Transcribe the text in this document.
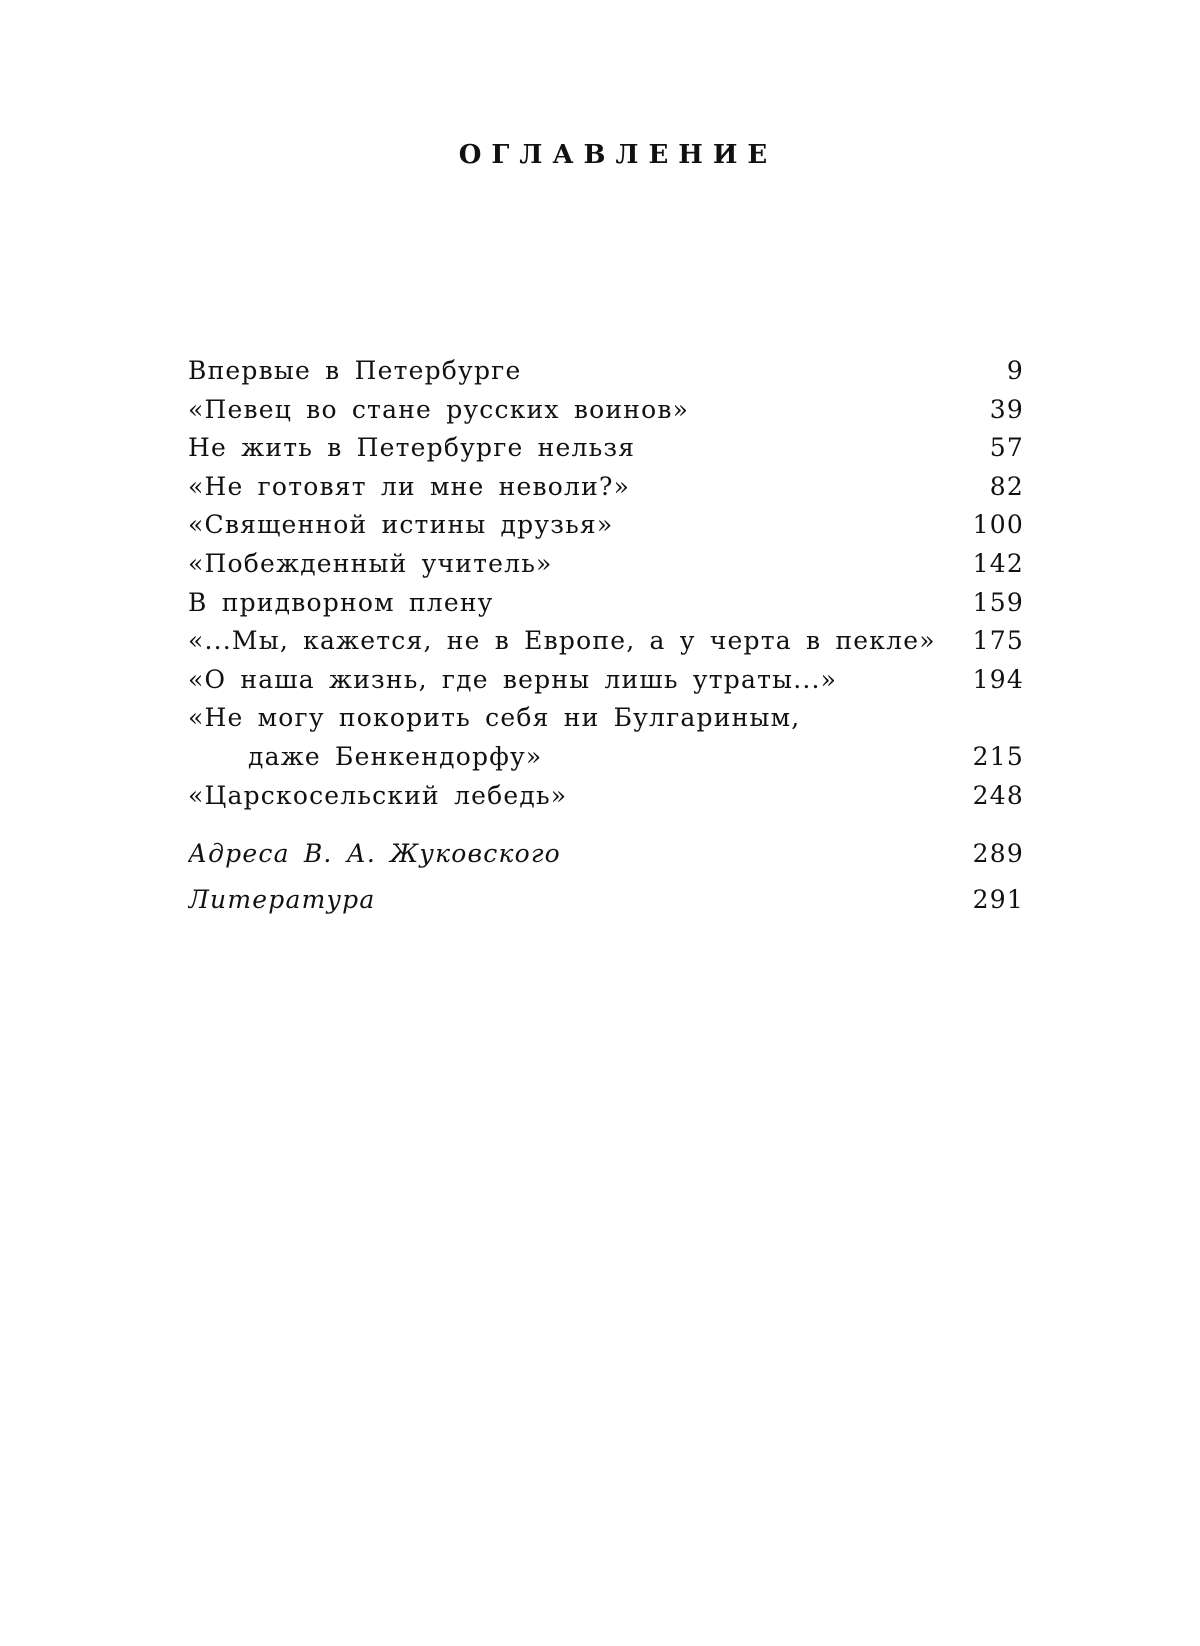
ОГЛАВЛЕНИЕ
Впервые в Петербурге	9
«Певец во стане русских воинов»	39
Не жить в Петербурге нельзя	57
«Не готовят ли мне неволи?»	82
«Священной истины друзья»	100
«Побежденный учитель»	142
В придворном плену	159
«...Мы, кажется, не в Европе, а у черта в пекле»	175
«О наша жизнь, где верны лишь утраты...»	194
«Не могу покорить себя ни Булгариным,
даже Бенкендорфу»	215
«Царскосельский лебедь»	248
Адреса В. А. Жуковского	289
Литература	291
